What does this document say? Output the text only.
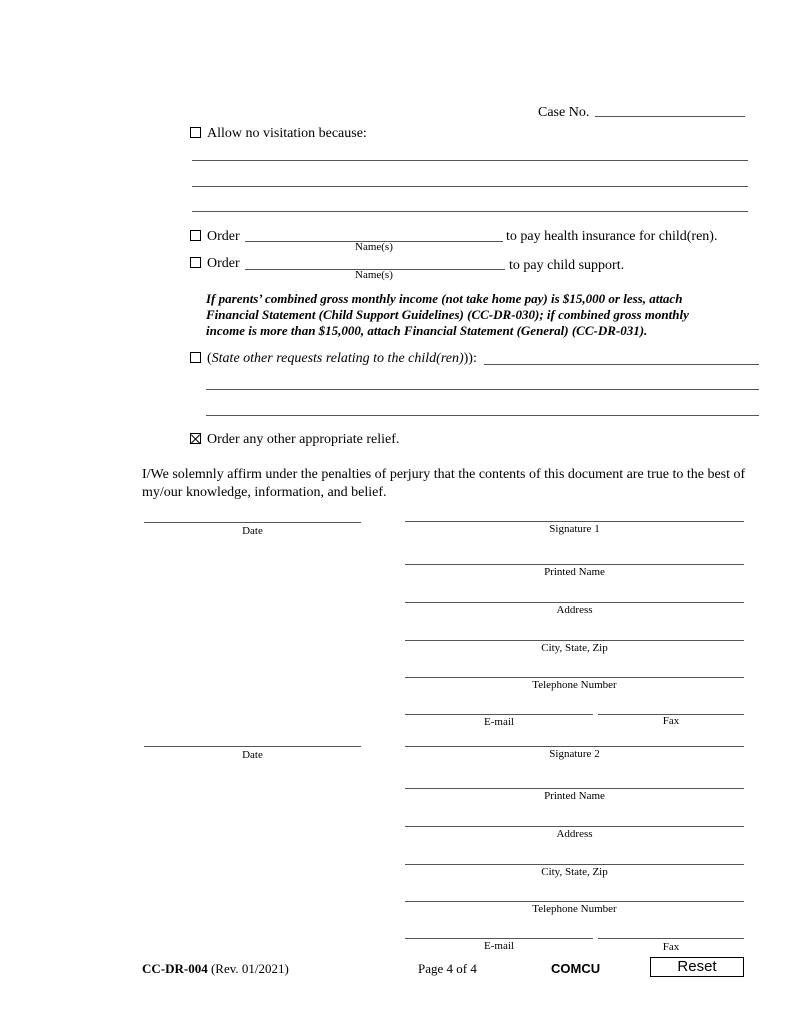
Case No.
Allow no visitation because:
Order
Name(s)
to pay health insurance for child(ren).
Order
Name(s)
to pay child support.
If parents’ combined gross monthly income (not take home pay) is $15,000 or less, attach
Financial Statement (Child Support Guidelines) (CC-DR-030); if combined gross monthly
income is more than $15,000, attach Financial Statement (General) (CC-DR-031).
(State other requests relating to the child(ren))):
Order any other appropriate relief.
I/We solemnly affirm under the penalties of perjury that the contents of this document are true to the best of
my/our knowledge, information, and belief.
Date	Signature 1
Printed Name
Address
City, State, Zip
Telephone Number
E-mail	Fax
Date	Signature 2
Printed Name
Address
City, State, Zip
Telephone Number
E-mail	Fax
CC-DR-004 (Rev. 01/2021)	Page 4 of 4	COMCU	Reset
